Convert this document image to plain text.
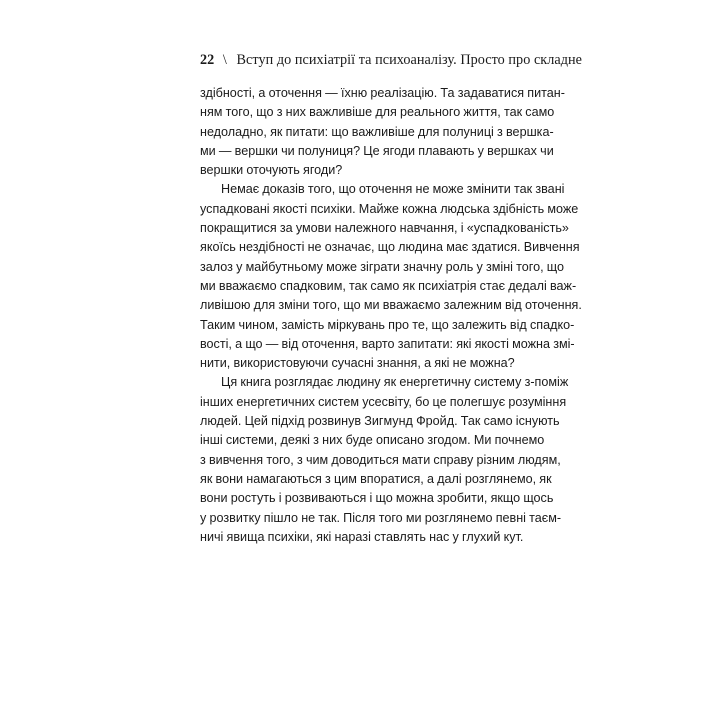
22 \ Вступ до психіатрії та психоаналізу. Просто про складне
здібності, а оточення — їхню реалізацію. Та задаватися питан-
ням того, що з них важливіше для реального життя, так само
недоладно, як питати: що важливіше для полуниці з вершка-
ми — вершки чи полуниця? Це ягоди плавають у вершках чи
вершки оточують ягоди?
Немає доказів того, що оточення не може змінити так звані
успадковані якості психіки. Майже кожна людська здібність може
покращитися за умови належного навчання, і «успадкованість»
якоїсь нездібності не означає, що людина має здатися. Вивчення
залоз у майбутньому може зіграти значну роль у зміні того, що
ми вважаємо спадковим, так само як психіатрія стає дедалі важ-
ливішою для зміни того, що ми вважаємо залежним від оточення.
Таким чином, замість міркувань про те, що залежить від спадко-
вості, а що — від оточення, варто запитати: які якості можна змі-
нити, використовуючи сучасні знання, а які не можна?
Ця книга розглядає людину як енергетичну систему з-поміж
інших енергетичних систем усесвіту, бо це полегшує розуміння
людей. Цей підхід розвинув Зигмунд Фройд. Так само існують
інші системи, деякі з них буде описано згодом. Ми почнемо
з вивчення того, з чим доводиться мати справу різним людям,
як вони намагаються з цим впоратися, а далі розглянемо, як
вони ростуть і розвиваються і що можна зробити, якщо щось
у розвитку пішло не так. Після того ми розглянемо певні таєм-
ничі явища психіки, які наразі ставлять нас у глухий кут.
